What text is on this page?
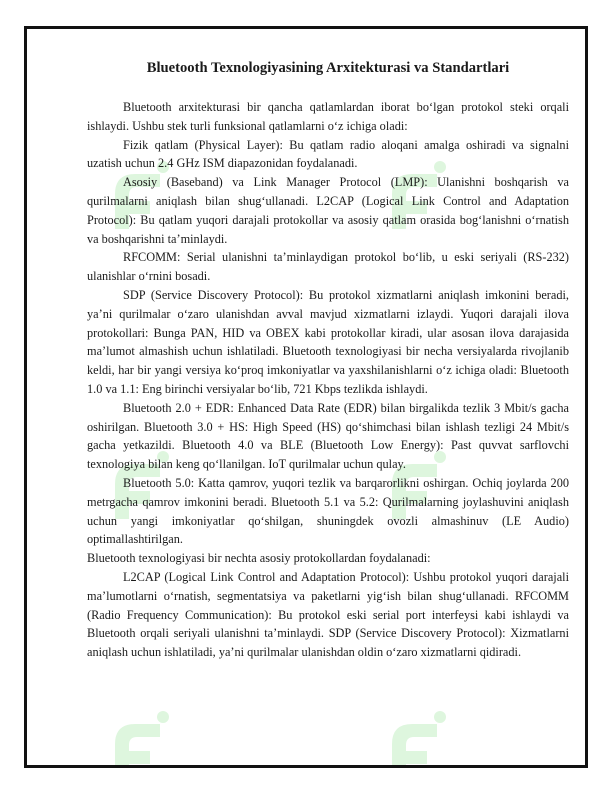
Bluetooth Texnologiyasining Arxitekturasi va Standartlari

Bluetooth arxitekturasi bir qancha qatlamlardan iborat bo‘lgan protokol steki orqali ishlaydi. Ushbu stek turli funksional qatlamlarni o‘z ichiga oladi:

Fizik qatlam (Physical Layer): Bu qatlam radio aloqani amalga oshiradi va signalni uzatish uchun 2.4 GHz ISM diapazonidan foydalanadi.

Asosiy (Baseband) va Link Manager Protocol (LMP): Ulanishni boshqarish va qurilmalarni aniqlash bilan shug‘ullanadi. L2CAP (Logical Link Control and Adaptation Protocol): Bu qatlam yuqori darajali protokollar va asosiy qatlam orasida bog‘lanishni o‘rnatish va boshqarishni ta’minlaydi.

RFCOMM: Serial ulanishni ta’minlaydigan protokol bo‘lib, u eski seriyali (RS-232) ulanishlar o‘rnini bosadi.

SDP (Service Discovery Protocol): Bu protokol xizmatlarni aniqlash imkonini beradi, ya’ni qurilmalar o‘zaro ulanishdan avval mavjud xizmatlarni izlaydi. Yuqori darajali ilova protokollari: Bunga PAN, HID va OBEX kabi protokollar kiradi, ular asosan ilova darajasida ma’lumot almashish uchun ishlatiladi. Bluetooth texnologiyasi bir necha versiyalarda rivojlanib keldi, har bir yangi versiya ko‘proq imkoniyatlar va yaxshilanishlarni o‘z ichiga oladi: Bluetooth 1.0 va 1.1: Eng birinchi versiyalar bo‘lib, 721 Kbps tezlikda ishlaydi.

Bluetooth 2.0 + EDR: Enhanced Data Rate (EDR) bilan birgalikda tezlik 3 Mbit/s gacha oshirilgan. Bluetooth 3.0 + HS: High Speed (HS) qo‘shimchasi bilan ishlash tezligi 24 Mbit/s gacha yetkazildi. Bluetooth 4.0 va BLE (Bluetooth Low Energy): Past quvvat sarflovchi texnologiya bilan keng qo‘llanilgan. IoT qurilmalar uchun qulay.

Bluetooth 5.0: Katta qamrov, yuqori tezlik va barqarorlikni oshirgan. Ochiq joylarda 200 metrgacha qamrov imkonini beradi. Bluetooth 5.1 va 5.2: Qurilmalarning joylashuvini aniqlash uchun yangi imkoniyatlar qo‘shilgan, shuningdek ovozli almashinuv (LE Audio) optimallashtirilgan.

Bluetooth texnologiyasi bir nechta asosiy protokollardan foydalanadi:

L2CAP (Logical Link Control and Adaptation Protocol): Ushbu protokol yuqori darajali ma’lumotlarni o‘rnatish, segmentatsiya va paketlarni yig‘ish bilan shug‘ullanadi. RFCOMM (Radio Frequency Communication): Bu protokol eski serial port interfeysi kabi ishlaydi va Bluetooth orqali seriyali ulanishni ta’minlaydi. SDP (Service Discovery Protocol): Xizmatlarni aniqlash uchun ishlatiladi, ya’ni qurilmalar ulanishdan oldin o‘zaro xizmatlarni qidiradi.
